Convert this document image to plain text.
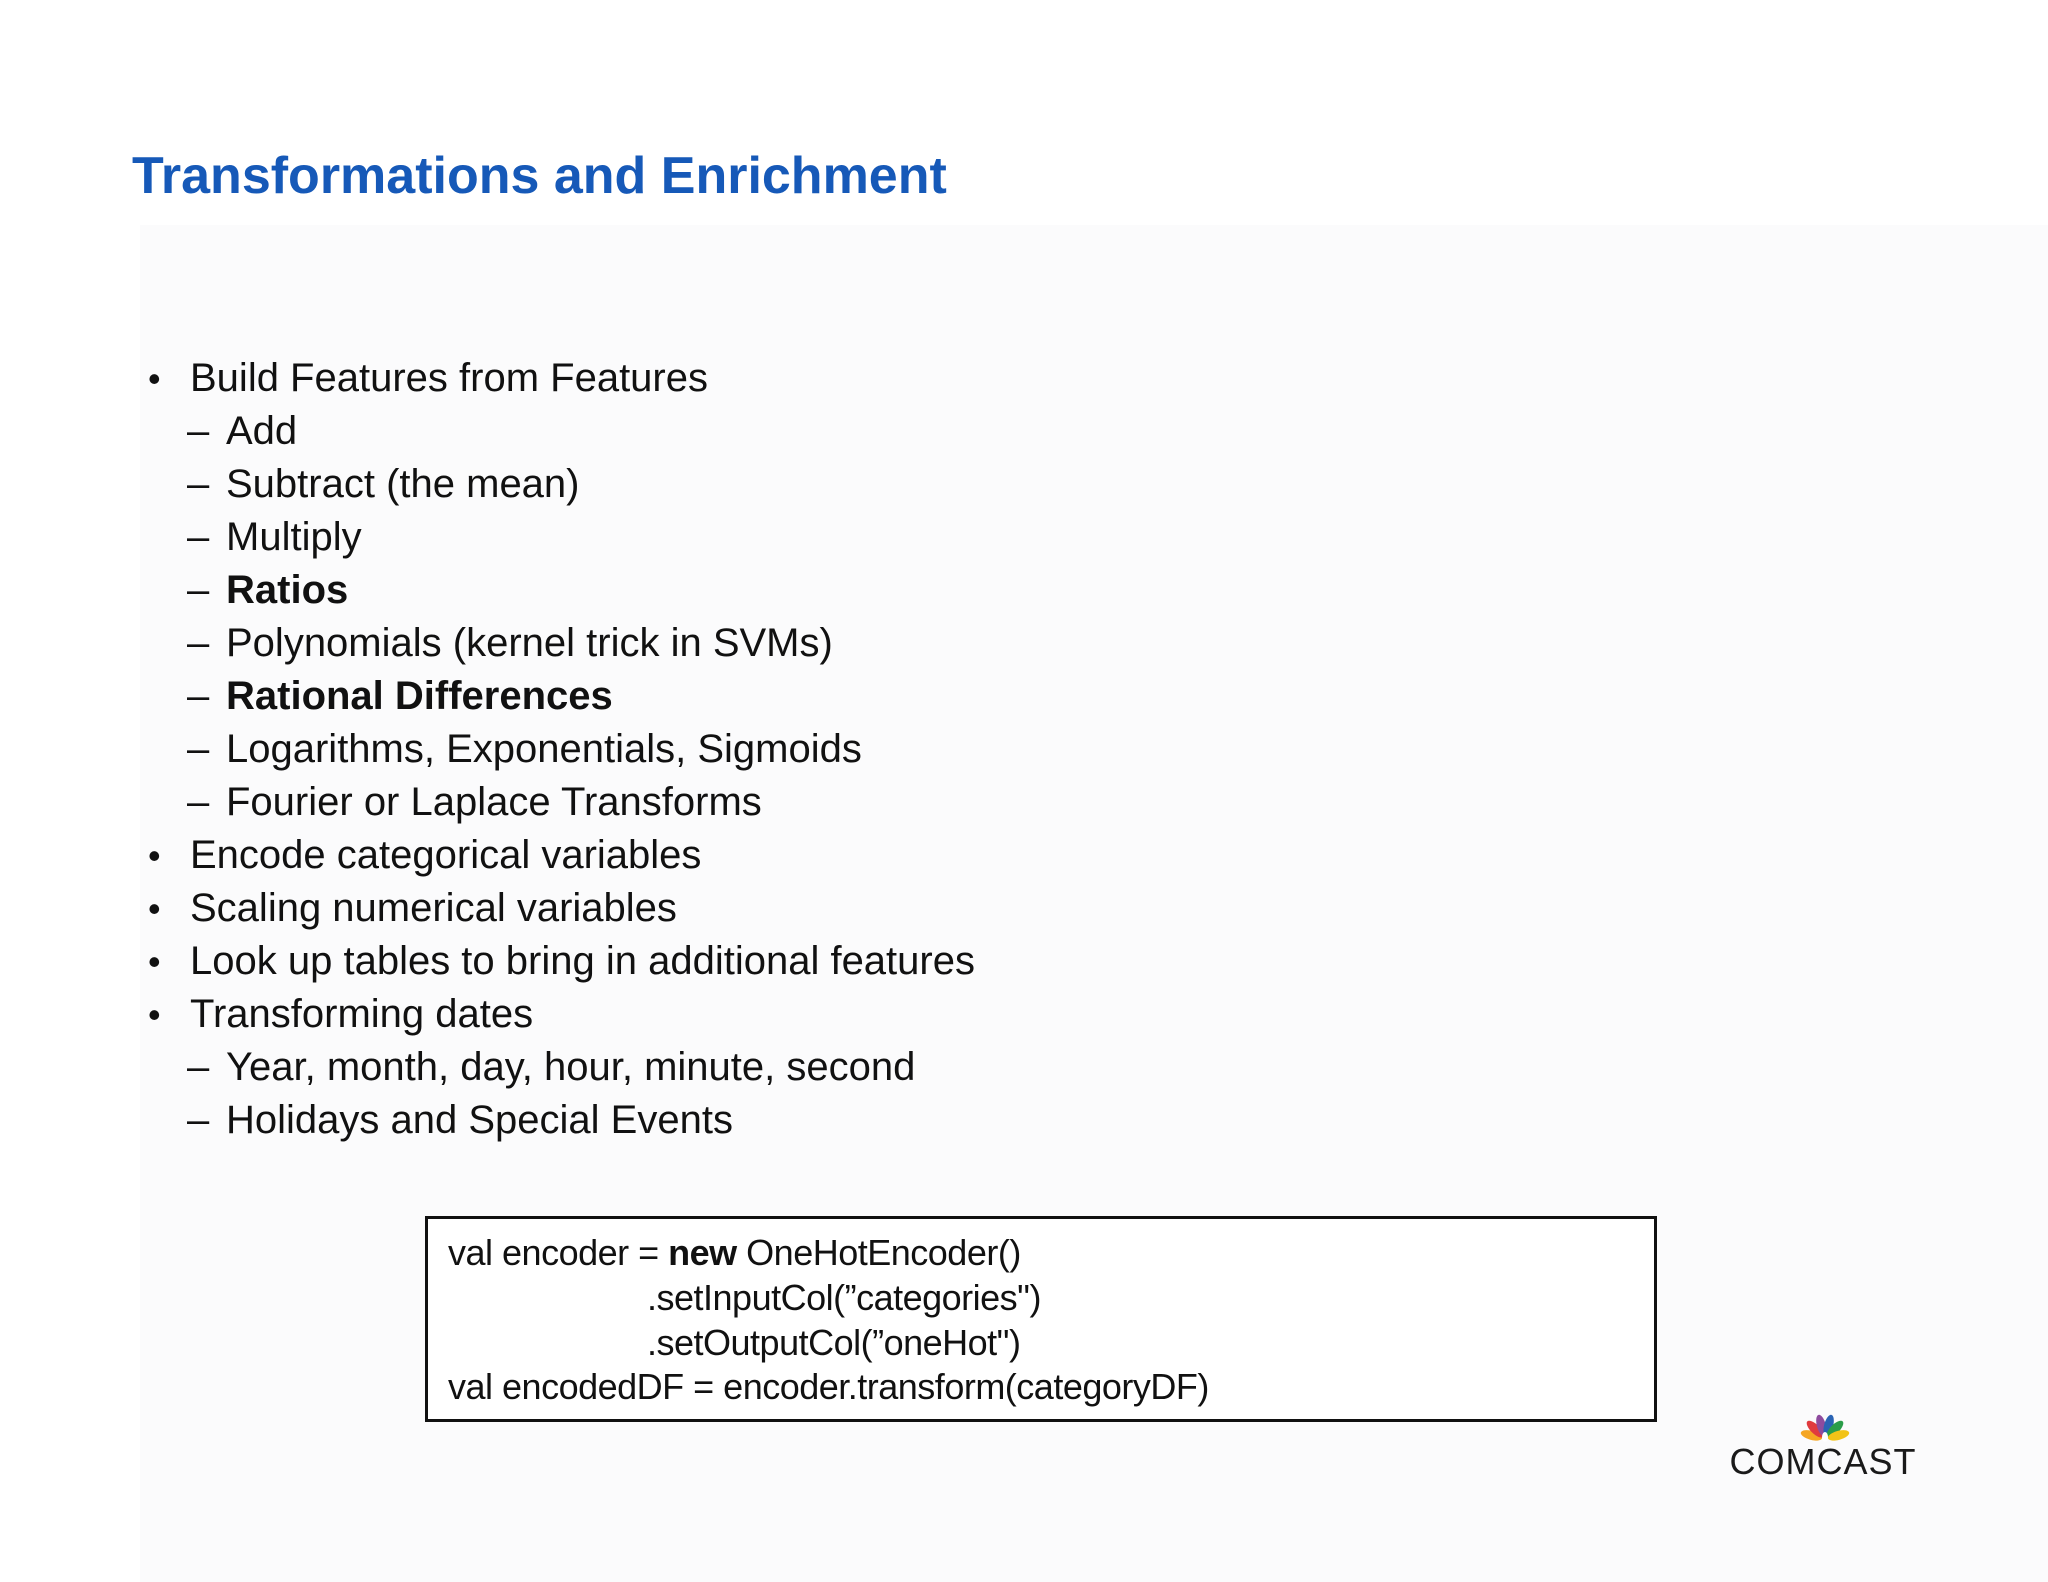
Transformations and Enrichment
• Build Features from Features
– Add
– Subtract (the mean)
– Multiply
– Ratios
– Polynomials (kernel trick in SVMs)
– Rational Differences
– Logarithms, Exponentials, Sigmoids
– Fourier or Laplace Transforms
• Encode categorical variables
• Scaling numerical variables
• Look up tables to bring in additional features
• Transforming dates
– Year, month, day, hour, minute, second
– Holidays and Special Events
val encoder = new OneHotEncoder()
.setInputCol(”categories")
.setOutputCol(”oneHot")
val encodedDF = encoder.transform(categoryDF)
COMCAST
